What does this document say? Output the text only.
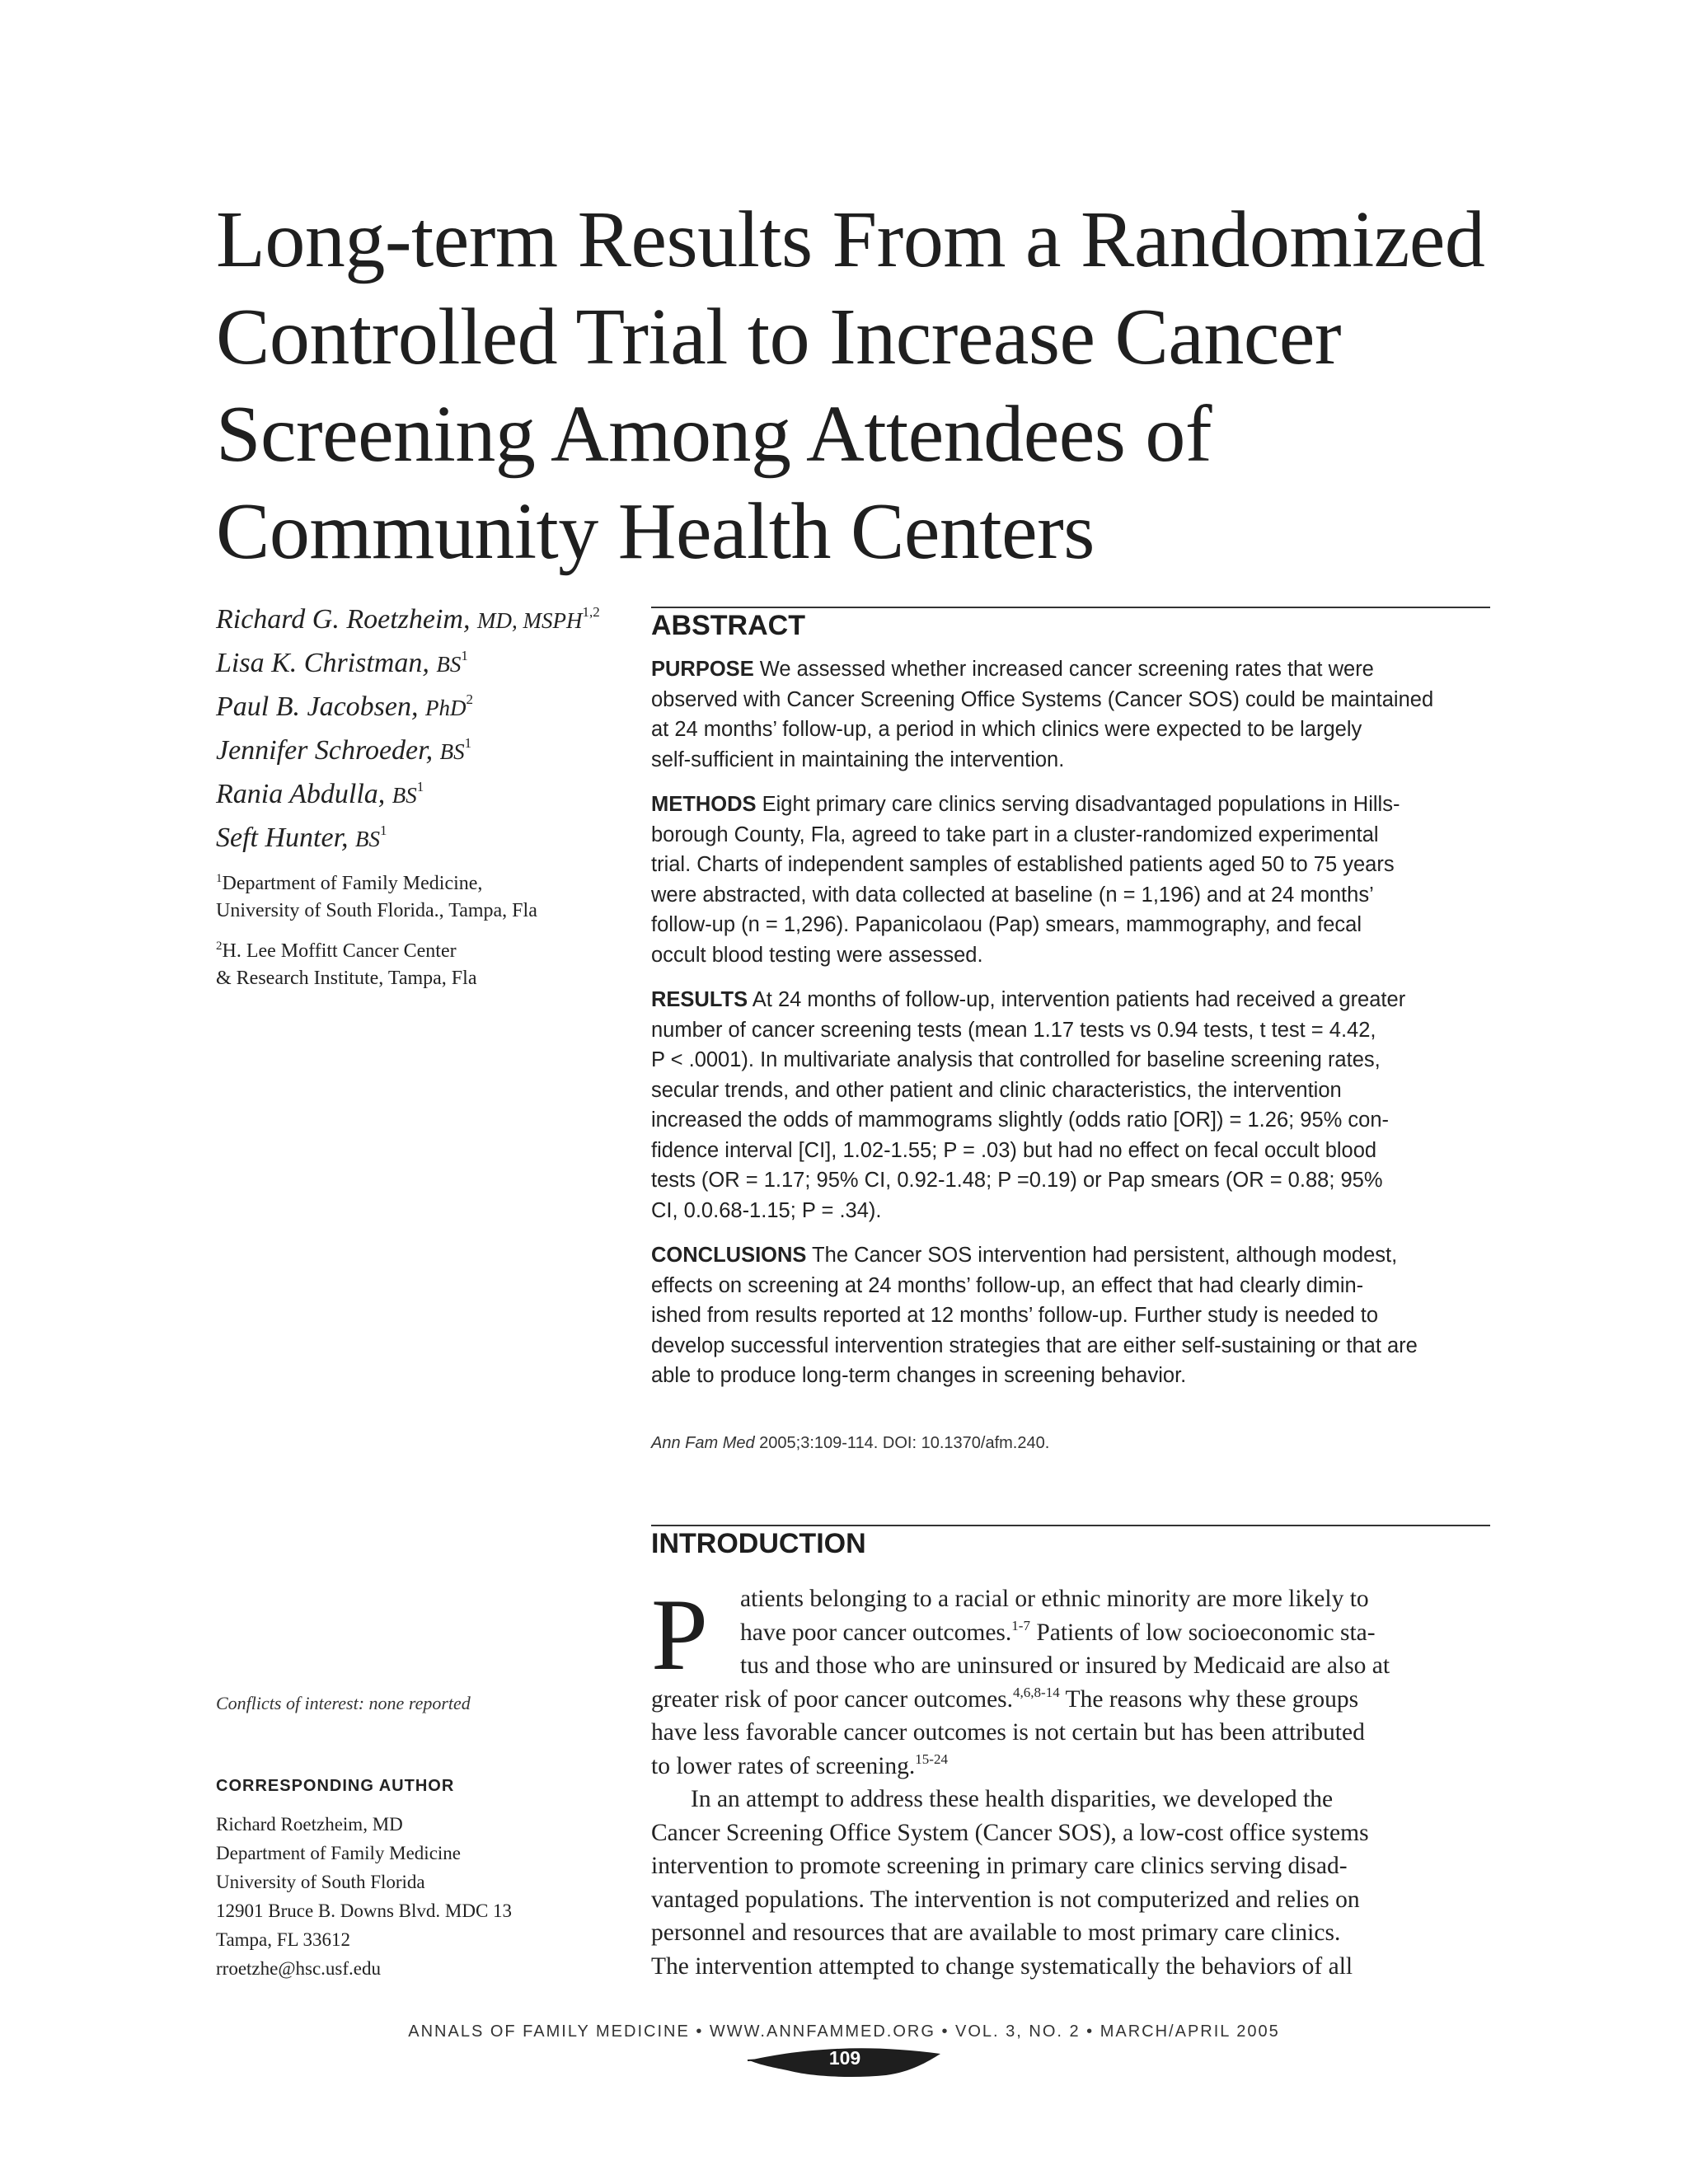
Long-term Results From a Randomized
Controlled Trial to Increase Cancer
Screening Among Attendees of
Community Health Centers
Richard G. Roetzheim, MD, MSPH$^{1,2}$
Lisa K. Christman, $BS^1$
Paul B. Jacobsen, PhD$^2$
Jennifer Schroeder, $BS^1$
Rania Abdulla, $BS^1$
Seft Hunter, $BS^1$
$^1$Department of Family Medicine,
University of South Florida., Tampa, Fla
$^2$H. Lee Moffitt Cancer Center
& Research Institute, Tampa, Fla
Conflicts of interest: none reported
CORRESPONDING AUTHOR
Richard Roetzheim, MD
Department of Family Medicine
University of South Florida
12901 Bruce B. Downs Blvd. MDC 13
Tampa, FL 33612
rroetzhe@hsc.usf.edu
ABSTRACT

PURPOSE We assessed whether increased cancer screening rates that were
observed with Cancer Screening Office Systems (Cancer SOS) could be maintained
at 24 months’ follow-up, a period in which clinics were expected to be largely
self-sufficient in maintaining the intervention.

METHODS Eight primary care clinics serving disadvantaged populations in Hills-
borough County, Fla, agreed to take part in a cluster-randomized experimental
trial. Charts of independent samples of established patients aged 50 to 75 years
were abstracted, with data collected at baseline (n = 1,196) and at 24 months’
follow-up (n = 1,296). Papanicolaou (Pap) smears, mammography, and fecal
occult blood testing were assessed.

RESULTS At 24 months of follow-up, intervention patients had received a greater
number of cancer screening tests (mean 1.17 tests vs 0.94 tests, t test = 4.42,
P < .0001). In multivariate analysis that controlled for baseline screening rates,
secular trends, and other patient and clinic characteristics, the intervention
increased the odds of mammograms slightly (odds ratio [OR]) = 1.26; 95% con-
fidence interval [CI], 1.02-1.55; P = .03) but had no effect on fecal occult blood
tests (OR = 1.17; 95% CI, 0.92-1.48; P =0.19) or Pap smears (OR = 0.88; 95%
CI, 0.0.68-1.15; P = .34).

CONCLUSIONS The Cancer SOS intervention had persistent, although modest,
effects on screening at 24 months’ follow-up, an effect that had clearly dimin-
ished from results reported at 12 months’ follow-up. Further study is needed to
develop successful intervention strategies that are either self-sustaining or that are
able to produce long-term changes in screening behavior.

Ann Fam Med 2005;3:109-114. DOI: 10.1370/afm.240.
INTRODUCTION
P	atients belonging to a racial or ethnic minority are more likely to
have poor cancer outcomes.$^{1-7}$ Patients of low socioeconomic sta-
tus and those who are uninsured or insured by Medicaid are also at
greater risk of poor cancer outcomes.$^{4,6,8-14}$ The reasons why these groups
have less favorable cancer outcomes is not certain but has been attributed
to lower rates of screening.$^{15-24}$
In an attempt to address these health disparities, we developed the
Cancer Screening Office System (Cancer SOS), a low-cost office systems
intervention to promote screening in primary care clinics serving disad-
vantaged populations. The intervention is not computerized and relies on
personnel and resources that are available to most primary care clinics.
The intervention attempted to change systematically the behaviors of all
ANNALS OF FAMILY MEDICINE • WWW.ANNFAMMED.ORG • VOL. 3, NO. 2 • MARCH/APRIL 2005
109
